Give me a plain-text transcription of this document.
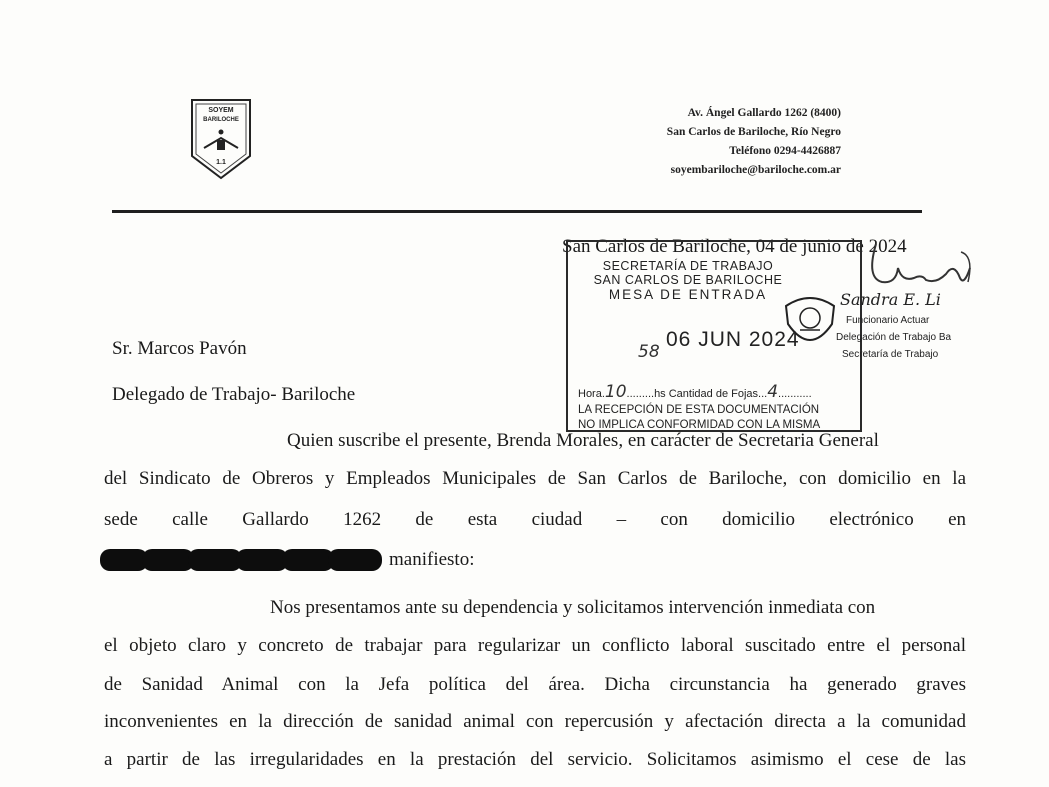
SOYEM
BARILOCHE
1.1
Av. Ángel Gallardo 1262 (8400)
San Carlos de Bariloche, Río Negro
Teléfono 0294-4426887
soyembariloche@bariloche.com.ar
San Carlos de Bariloche, 04 de junio de 2024
SECRETARÍA DE TRABAJO
SAN CARLOS DE BARILOCHE
MESA DE ENTRADA
58
06 JUN 2024
Hora.10.........hs Cantidad de Fojas...4...........
LA RECEPCIÓN DE ESTA DOCUMENTACIÓN
NO IMPLICA CONFORMIDAD CON LA MISMA
Sandra E. Li
Funcionario Actuar
Delegación de Trabajo Ba
Secretaría de Trabajo
Sr. Marcos Pavón
Delegado de Trabajo- Bariloche
Quien suscribe el presente, Brenda Morales, en carácter de Secretaria General
del Sindicato de Obreros y Empleados Municipales de San Carlos de Bariloche, con domicilio en la
sede calle Gallardo 1262 de esta ciudad – con domicilio electrónico en
manifiesto:
Nos presentamos ante su dependencia y solicitamos intervención inmediata con
el objeto claro y concreto de trabajar para regularizar un conflicto laboral suscitado entre el personal
de Sanidad Animal con la Jefa política del área. Dicha circunstancia ha generado graves
inconvenientes en la dirección de sanidad animal con repercusión y afectación directa a la comunidad
a partir de las irregularidades en la prestación del servicio. Solicitamos asimismo el cese de las
